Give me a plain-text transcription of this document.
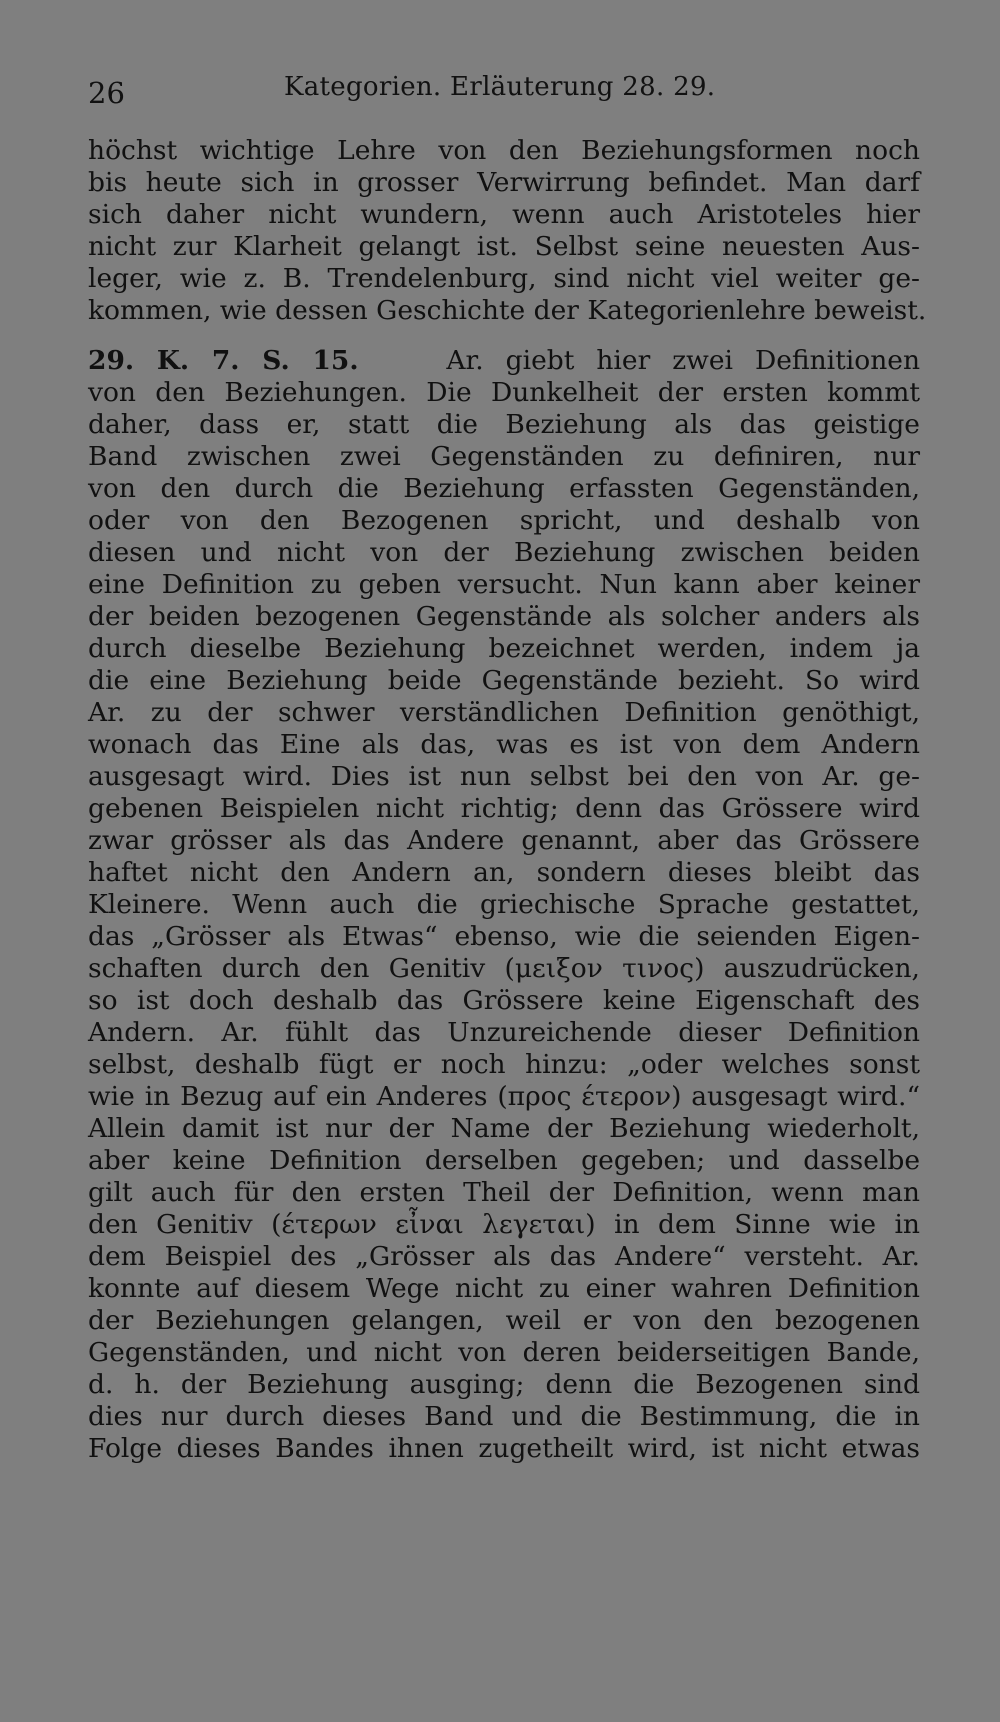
26	Kategorien. Erläuterung 28. 29.
höchst wichtige Lehre von den Beziehungsformen noch
bis heute sich in grosser Verwirrung befindet. Man darf
sich daher nicht wundern, wenn auch Aristoteles hier
nicht zur Klarheit gelangt ist. Selbst seine neuesten Aus-
leger, wie z. B. Trendelenburg, sind nicht viel weiter ge-
kommen, wie dessen Geschichte der Kategorienlehre beweist.
29. K. 7. S. 15.	Ar. giebt hier zwei Definitionen
von den Beziehungen. Die Dunkelheit der ersten kommt
daher, dass er, statt die Beziehung als das geistige
Band zwischen zwei Gegenständen zu definiren, nur
von den durch die Beziehung erfassten Gegenständen,
oder von den Bezogenen spricht, und deshalb von
diesen und nicht von der Beziehung zwischen beiden
eine Definition zu geben versucht. Nun kann aber keiner
der beiden bezogenen Gegenstände als solcher anders als
durch dieselbe Beziehung bezeichnet werden, indem ja
die eine Beziehung beide Gegenstände bezieht. So wird
Ar. zu der schwer verständlichen Definition genöthigt,
wonach das Eine als das, was es ist von dem Andern
ausgesagt wird. Dies ist nun selbst bei den von Ar. ge-
gebenen Beispielen nicht richtig; denn das Grössere wird
zwar grösser als das Andere genannt, aber das Grössere
haftet nicht den Andern an, sondern dieses bleibt das
Kleinere. Wenn auch die griechische Sprache gestattet,
das „Grösser als Etwas“ ebenso, wie die seienden Eigen-
schaften durch den Genitiv (μειξον τινος) auszudrücken,
so ist doch deshalb das Grössere keine Eigenschaft des
Andern. Ar. fühlt das Unzureichende dieser Definition
selbst, deshalb fügt er noch hinzu: „oder welches sonst
wie in Bezug auf ein Anderes (προς έτερον) ausgesagt wird.“
Allein damit ist nur der Name der Beziehung wiederholt,
aber keine Definition derselben gegeben; und dasselbe
gilt auch für den ersten Theil der Definition, wenn man
den Genitiv (έτερων εἶναι λεγεται) in dem Sinne wie in
dem Beispiel des „Grösser als das Andere“ versteht. Ar.
konnte auf diesem Wege nicht zu einer wahren Definition
der Beziehungen gelangen, weil er von den bezogenen
Gegenständen, und nicht von deren beiderseitigen Bande,
d. h. der Beziehung ausging; denn die Bezogenen sind
dies nur durch dieses Band und die Bestimmung, die in
Folge dieses Bandes ihnen zugetheilt wird, ist nicht etwas
